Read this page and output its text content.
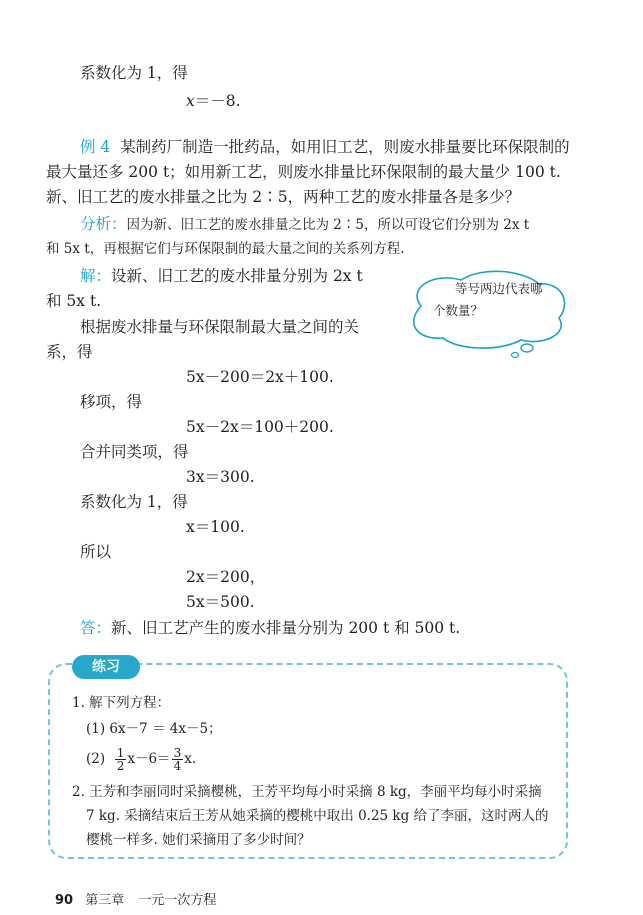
系数化为 1，得
x＝－8.
例 4 某制药厂制造一批药品，如用旧工艺，则废水排量要比环保限制的
最大量还多 200 t；如用新工艺，则废水排量比环保限制的最大量少 100 t.
新、旧工艺的废水排量之比为 2∶5，两种工艺的废水排量各是多少？
分析：因为新、旧工艺的废水排量之比为 2∶5，所以可设它们分别为 2x t
和 5x t，再根据它们与环保限制的最大量之间的关系列方程.
解：设新、旧工艺的废水排量分别为 2x t
和 5x t.
根据废水排量与环保限制最大量之间的关
系，得
5x－200＝2x＋100.
移项，得
5x－2x＝100＋200.
合并同类项，得
3x＝300.
系数化为 1，得
x＝100.
所以
2x＝200，
5x＝500.
答：新、旧工艺产生的废水排量分别为 200 t 和 500 t.
等号两边代表哪
个数量？
练习
1. 解下列方程：
(1) 6x－7 ＝ 4x－5；
$(2) \frac{1}{2} x-6= \frac{3}{4} x$.
2. 王芳和李丽同时采摘樱桃，王芳平均每小时采摘 8 kg，李丽平均每小时采摘
7 kg. 采摘结束后王芳从她采摘的樱桃中取出 0.25 kg 给了李丽，这时两人的
樱桃一样多. 她们采摘用了多少时间？
90 第三章 一元一次方程
